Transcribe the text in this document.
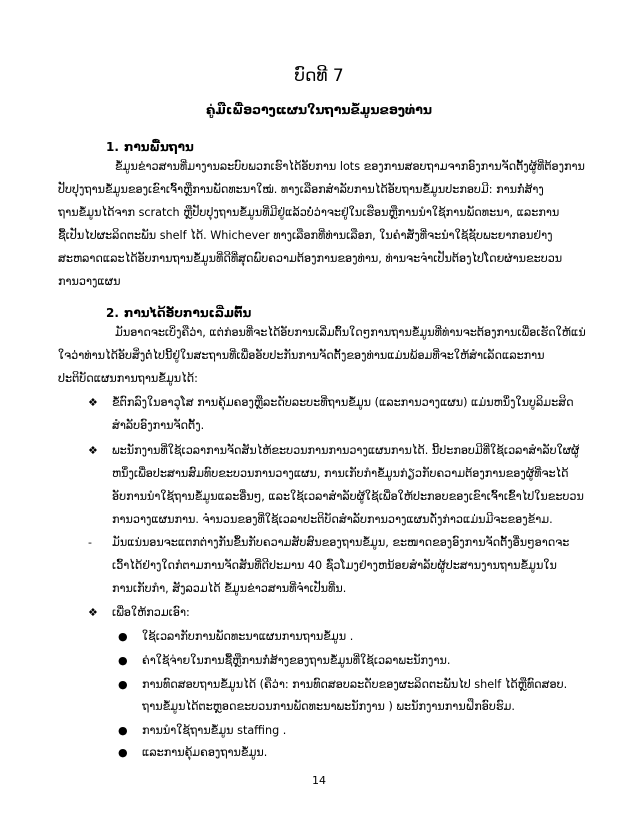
ບົດທີ 7
ຄູ່ມືເພື່ອວາງແຜນໃນຖານຂໍ້ມູນຂອງທ່ານ
1. ການພື້ນຖານ
ຂໍ້ມູນຂ່າວສານທີ່ມາງານລະບົບພວກເຮົາໄດ້ອັບການ lots ຂອງການສອບຖາມຈາກອົງການຈັດຕັ້ງຜູ້ທີ່ຕ້ອງການ
ປັບປຸງຖານຂໍ້ມູນຂອງເຂົາເຈົ້າຫຼືການພັດທະນາໃໝ່. ທາງເລືອກສໍາລັບການໄດ້ອັບຖານຂໍ້ມູນປະກອບມີ: ການກໍ່ສ້າງ
ຖານຂໍ້ມູນໄດ້ຈາກ scratch ຫຼືປັບປຸງຖານຂໍ້ມູນທີ່ມີຢູ່ແລ້ວບໍ່ວ່າຈະຢູ່ໃນເຮືອນຫຼືການນໍາໃຊ້ການພັດທະນາ, ແລະການ
ຊື້ເປັນໄປຜະລິດຕະພັນ shelf ໄດ້. Whichever ທາງເລືອກທີ່ທ່ານເລືອກ, ໃນຄໍາສັ່ງທີ່ຈະນໍາໃຊ້ຊັບພະຍາກອນຢ່າງ
ສະຫລາດແລະໄດ້ອັບການຖານຂໍ້ມູນທີ່ດີທີ່ສຸດພົບຄວາມຕ້ອງການຂອງທ່ານ, ທ່ານຈະຈໍາເປັນຕ້ອງໄປໂດຍຜ່ານຂະບວນ
ການວາງແຜນ
2. ການໄດ້ອັບການເລີ່ມຕົ້ນ
ມັນອາດຈະເບິ່ງຄືວ່າ, ແຕ່ກ່ອນທີ່ຈະໄດ້ອັບການເລີ່ມຕົ້ນໃດໆການຖານຂໍ້ມູນທີ່ທ່ານຈະຕ້ອງການເພື່ອເຮັດໃຫ້ແນ່
ໃຈວ່າທ່ານໄດ້ອັບສິ່ງຕໍ່ໄປນີ້ຢູ່ໃນສະຖານທີ່ເພື່ອອັບປະກັນການຈັດຕັ້ງຂອງທ່ານແມ່ນພ້ອມທີ່ຈະໃຫ້ສໍາເລັດແລະການ
ປະຕິບັດແຜນການຖານຂໍ້ມູນໄດ້:
❖ ຂໍ້ຕົກລົງໃນອາວຸໂສ ການຄຸ້ມຄອງຫຼືລະດັບລະບະທີ່ຖານຂໍ້ມູນ (ແລະການວາງແຜນ) ແມ່ນຫນຶ່ງໃນບູລິມະສິດ
ສໍາລັບອົງການຈັດຕັ້ງ.
❖ ພະນັກງານທີ່ໃຊ້ເວລາການຈັດສັນໄຫ້ຂະບວນການການວາງແຜນການໄດ້. ນີ້ປະກອບມີທີ່ໃຊ້ເວລາສໍາລັບໃຜຜູ້
ຫນຶ່ງເພື່ອປະສານສົມທົບຂະບວນການວາງແຜນ, ການເກັບກໍາຂໍ້ມູນກ່ຽວກັບຄວາມຕ້ອງການຂອງຜູ້ທີ່ຈະໄດ້
ອັບການນໍາໃຊ້ຖານຂໍ້ມູນແລະອື່ນໆ, ແລະໃຊ້ເວລາສໍາລັບຜູ້ໃຊ້ເພື່ອໃຫ້ປະກອບຂອງເຂົາເຈົ້າເຂົ້າໄປໃນຂະບວນ
ການວາງແຜນການ. ຈໍານວນຂອງທີ່ໃຊ້ເວລາປະຕິບັດສໍາລັບການວາງແຜນດັ່ງກ່າວແມ່ນມີຈະຂອງຂ້າມ.
- ມັນແນ່ນອນຈະແຕກຕ່າງກັນຂຶ້ນກັບຄວາມສັບສົນຂອງຖານຂໍ້ມູນ, ຂະໜາດຂອງອົງການຈັດຕັ້ງອື່ນໆອາດຈະ
ເວົ້າໄດ້ຢ່າງໃດກໍຕາມການຈັດສັນທີ່ດີປະມານ 40 ຊົ່ວໂມງຢ່າງຫນ້ອຍສໍາລັບຜູ້ປະສານງານຖານຂໍ້ມູນໃນ
ການເກັບກໍາ, ສັງລວມໄດ້ ຂໍ້ມູນຂ່າວສານທີ່ຈໍາເປັນທີ່ນ.
❖ ເພື່ອໃຫ້ກວມເອົາ:
● ໃຊ້ເວລາກັບການພັດທະນາແຜນການຖານຂໍ້ມູນ .
● ຄ່າໃຊ້ຈ່າຍໃນການຊື້ຫຼືການກໍ່ສ້າງຂອງຖານຂໍ້ມູນທີ່ໃຊ້ເວລາພະນັກງານ.
● ການທົດສອບຖານຂໍ້ມູນໄດ້ (ຄືວ່າ: ການທົດສອບລະດັບຂອງຜະລິດຕະພັນໄປ shelf ໄດ້ຫຼືທົດສອບ.
ຖານຂໍ້ມູນໄດ້ຕະຫຼອດຂະບວນການພັດທະນາພະນັກງານ ) ພະນັກງານການຝຶກອົບຮົມ.
● ການນໍາໃຊ້ຖານຂໍ້ມູນ staffing .
● ແລະການຄຸ້ມຄອງຖານຂໍ້ມູນ.
14
